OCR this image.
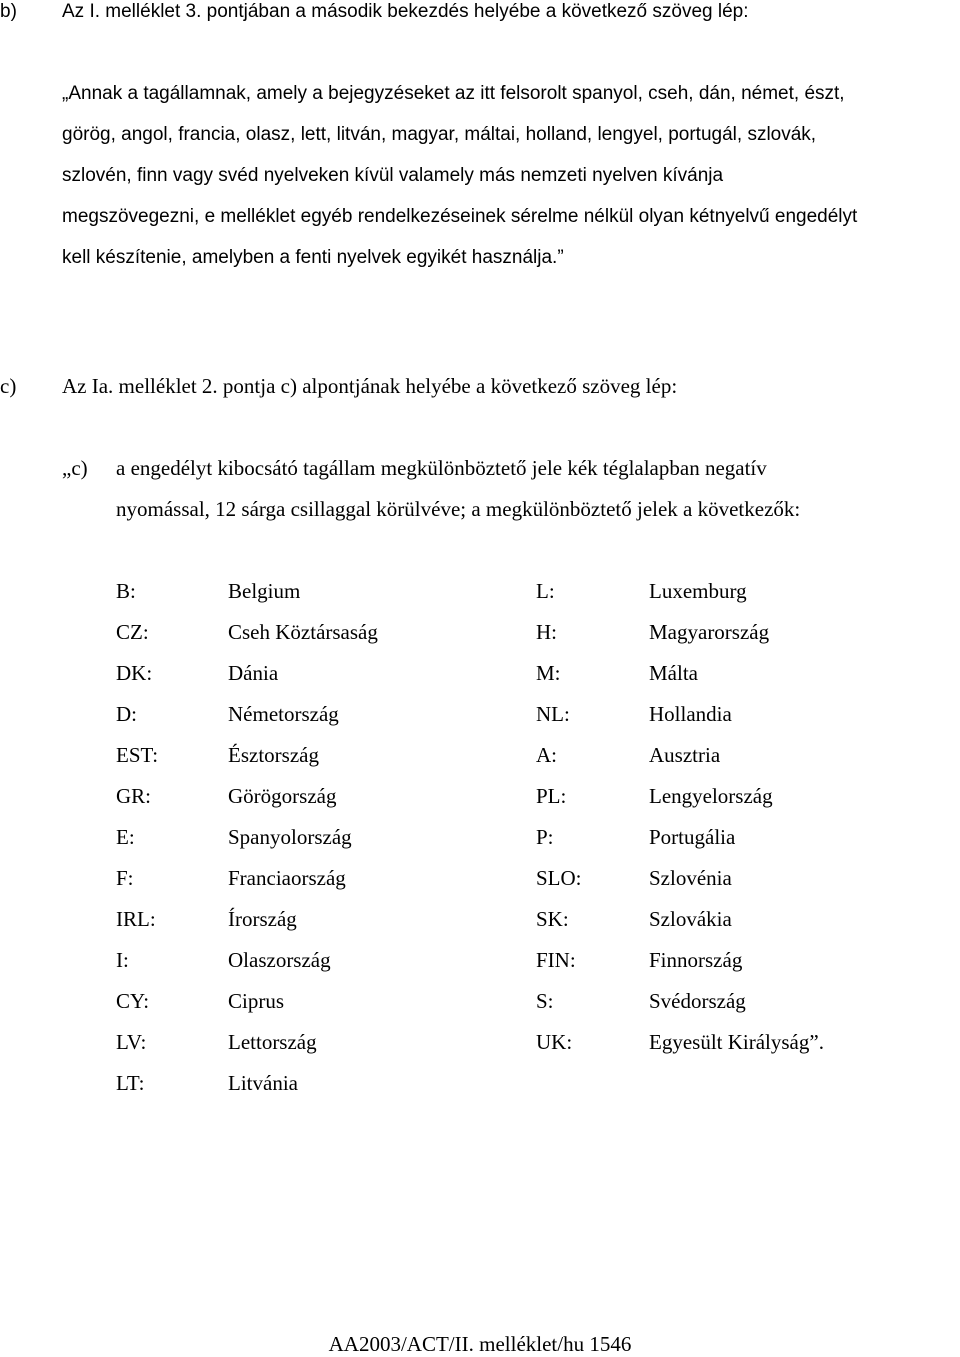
b) Az I. melléklet 3. pontjában a második bekezdés helyébe a következő szöveg lép:
„Annak a tagállamnak, amely a bejegyzéseket az itt felsorolt spanyol, cseh, dán, német, észt,
görög, angol, francia, olasz, lett, litván, magyar, máltai, holland, lengyel, portugál, szlovák,
szlovén, finn vagy svéd nyelveken kívül valamely más nemzeti nyelven kívánja
megszövegezni, e melléklet egyéb rendelkezéseinek sérelme nélkül olyan kétnyelvű engedélyt
kell készítenie, amelyben a fenti nyelvek egyikét használja.”
c) Az Ia. melléklet 2. pontja c) alpontjának helyébe a következő szöveg lép:
„c) a engedélyt kibocsátó tagállam megkülönböztető jele kék téglalapban negatív
nyomással, 12 sárga csillaggal körülvéve; a megkülönböztető jelek a következők:
B:	Belgium	L:	Luxemburg
CZ:	Cseh Köztársaság	H:	Magyarország
DK:	Dánia	M:	Málta
D:	Németország	NL:	Hollandia
EST:	Észtország	A:	Ausztria
GR:	Görögország	PL:	Lengyelország
E:	Spanyolország	P:	Portugália
F:	Franciaország	SLO:	Szlovénia
IRL:	Írország	SK:	Szlovákia
I:	Olaszország	FIN:	Finnország
CY:	Ciprus	S:	Svédország
LV:	Lettország	UK:	Egyesült Királyság”.
LT:	Litvánia
AA2003/ACT/II. melléklet/hu 1546
